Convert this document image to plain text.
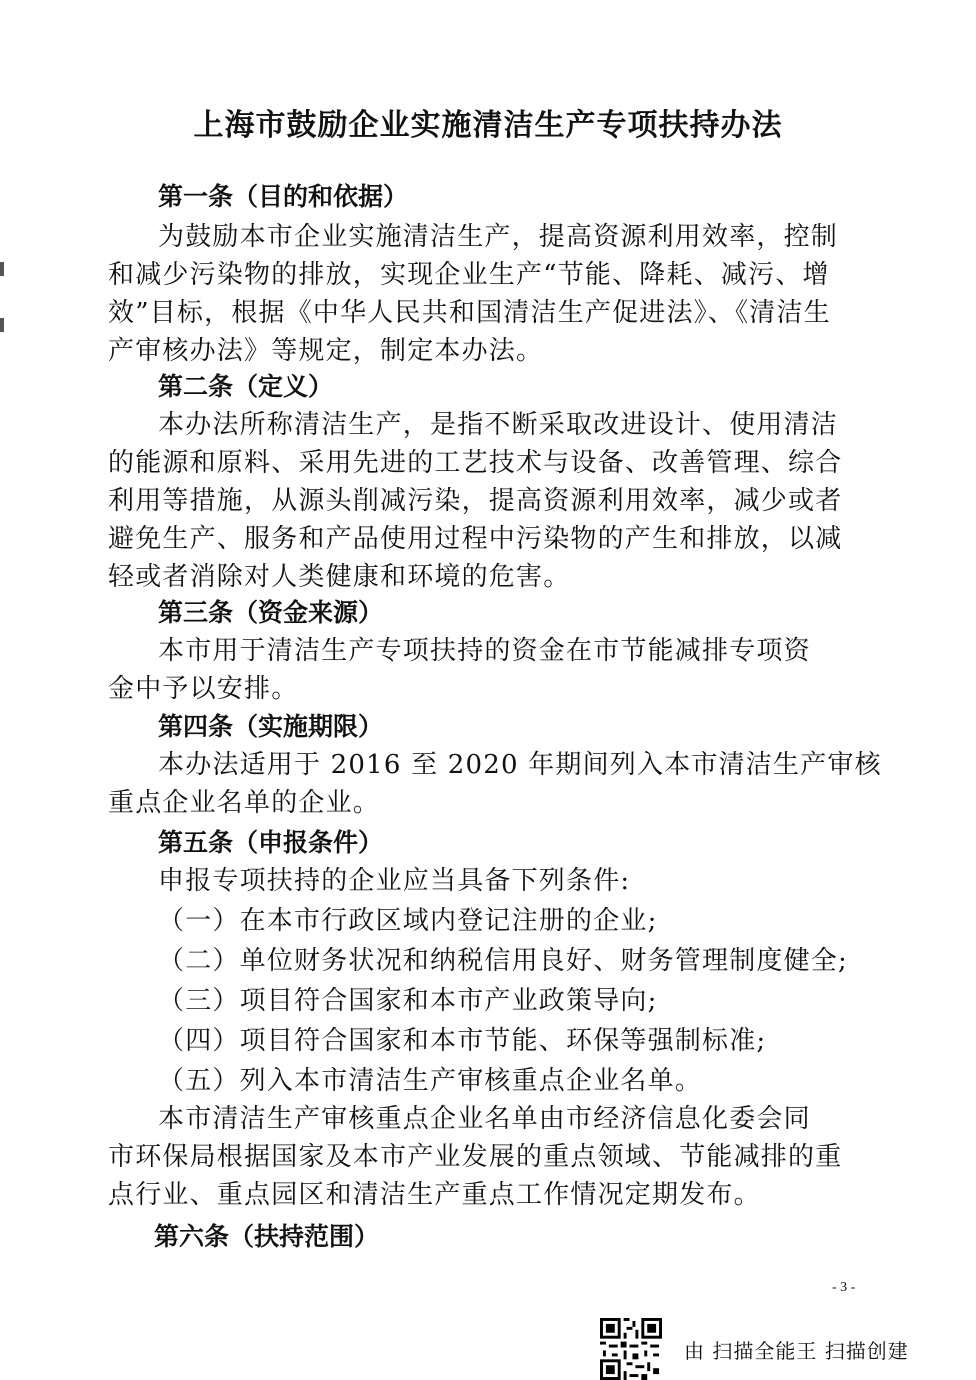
上海市鼓励企业实施清洁生产专项扶持办法
第一条（目的和依据）
为鼓励本市企业实施清洁生产，提高资源利用效率，控制
和减少污染物的排放，实现企业生产“节能、降耗、减污、增
效”目标，根据《中华人民共和国清洁生产促进法》、《清洁生
产审核办法》等规定，制定本办法。
第二条（定义）
本办法所称清洁生产，是指不断采取改进设计、使用清洁
的能源和原料、采用先进的工艺技术与设备、改善管理、综合
利用等措施，从源头削减污染，提高资源利用效率，减少或者
避免生产、服务和产品使用过程中污染物的产生和排放，以减
轻或者消除对人类健康和环境的危害。
第三条（资金来源）
本市用于清洁生产专项扶持的资金在市节能减排专项资
金中予以安排。
第四条（实施期限）
本办法适用于 2016 至 2020 年期间列入本市清洁生产审核
重点企业名单的企业。
第五条（申报条件）
申报专项扶持的企业应当具备下列条件:
（一）在本市行政区域内登记注册的企业;
（二）单位财务状况和纳税信用良好、财务管理制度健全;
（三）项目符合国家和本市产业政策导向;
（四）项目符合国家和本市节能、环保等强制标准;
（五）列入本市清洁生产审核重点企业名单。
本市清洁生产审核重点企业名单由市经济信息化委会同
市环保局根据国家及本市产业发展的重点领域、节能减排的重
点行业、重点园区和清洁生产重点工作情况定期发布。
第六条（扶持范围）
- 3 -
由 扫描全能王 扫描创建
